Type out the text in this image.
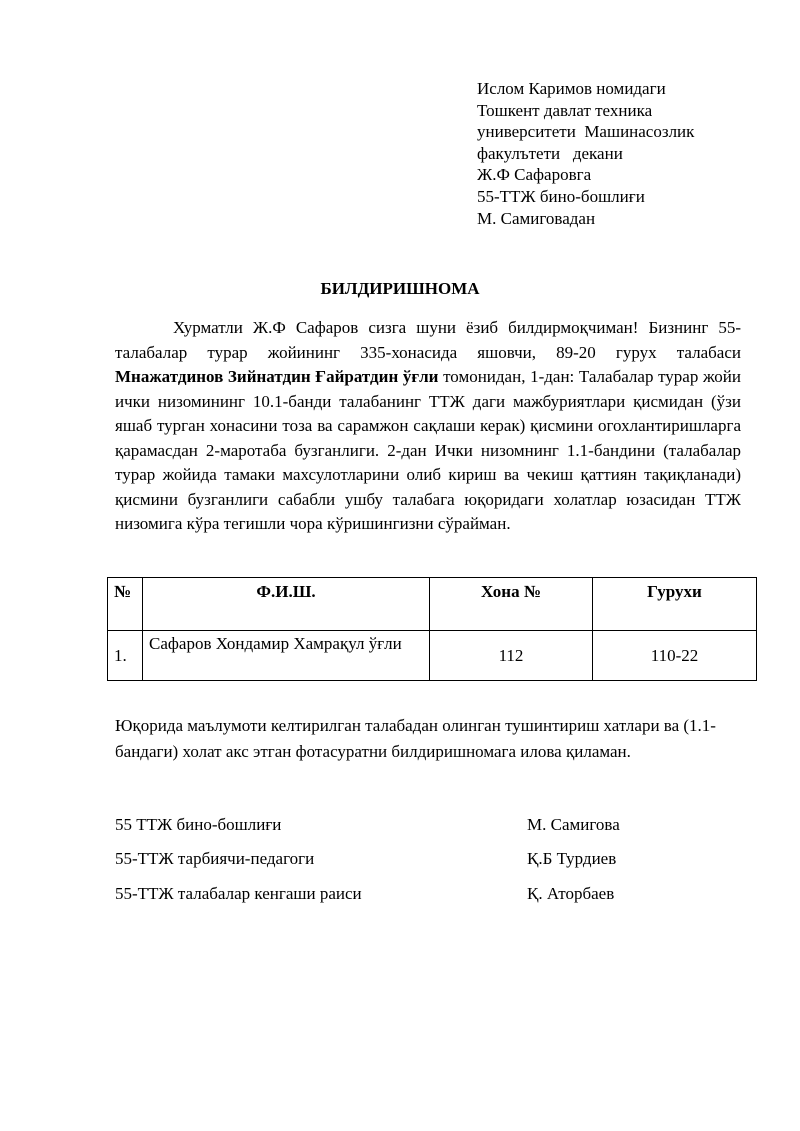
Ислом Каримов номидаги
Тошкент давлат техника
университети  Машинасозлик
факулътети   декани
Ж.Ф Сафаровга
55-ТТЖ бино-бошлиғи
М. Самиговадан
БИЛДИРИШНОМА
Хурматли Ж.Ф Сафаров сизга шуни ёзиб билдирмоқчиман! Бизнинг 55-талабалар турар жойининг 335-хонасида яшовчи, 89-20 гурух талабаси Мнажатдинов Зийнатдин Ғайратдин ўғли томонидан, 1-дан: Талабалар турар жойи ички низомининг 10.1-банди талабанинг ТТЖ даги мажбуриятлари қисмидан (ўзи яшаб турган хонасини тоза ва сарамжон сақлаши керак) қисмини огохлантиришларга қарамасдан 2-маротаба бузганлиги. 2-дан Ички низомнинг 1.1-бандини (талабалар турар жойида тамаки махсулотларини олиб кириш ва чекиш қаттиян тақиқланади) қисмини бузганлиги сабабли ушбу талабага юқоридаги холатлар юзасидан ТТЖ низомига кўра тегишли чора кўришингизни сўрайман.
№	Ф.И.Ш.	Хона №	Гурухи
1.	Сафаров Хондамир Хамрақул ўғли	112	110-22
Юқорида маълумоти келтирилган талабадан олинган тушинтириш хатлари ва (1.1-бандаги) холат акс этган фотасуратни билдиришномага илова қиламан.
55 ТТЖ бино-бошлиғи	М. Самигова
55-ТТЖ тарбиячи-педагоги	Қ.Б Турдиев
55-ТТЖ талабалар кенгаши раиси	Қ. Аторбаев
